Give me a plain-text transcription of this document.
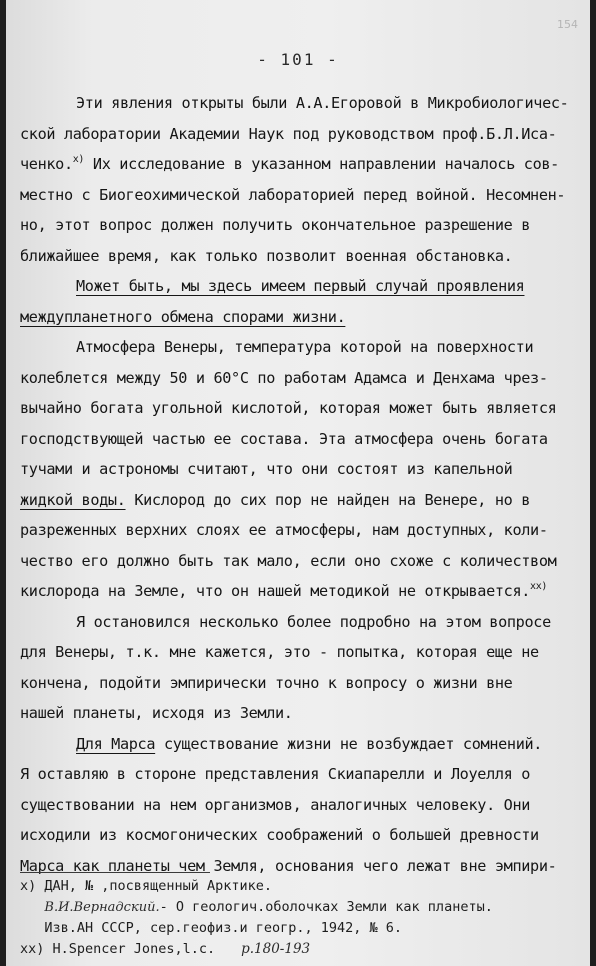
154
- 101 -
Эти явления открыты были А.А.Егоровой в Микробиологичес-
ской лаборатории Академии Наук под руководством проф.Б.Л.Иса-
ченко.$^{x)}$ Их исследование в указанном направлении началось сов-
местно с Биогеохимической лабораторией перед войной. Несомнен-
но, этот вопрос должен получить окончательное разрешение в
ближайшее время, как только позволит военная обстановка.
Может быть, мы здесь имеем первый случай проявления
междупланетного обмена спорами жизни.
Атмосфера Венеры, температура которой на поверхности
колеблется между 50 и 60°С по работам Адамса и Денхама чрез-
вычайно богата угольной кислотой, которая может быть является
господствующей частью ее состава. Эта атмосфера очень богата
тучами и астрономы считают, что они состоят из капельной
жидкой воды. Кислород до сих пор не найден на Венере, но в
разреженных верхних слоях ее атмосферы, нам доступных, коли-
чество его должно быть так мало, если оно схоже с количеством
кислорода на Земле, что он нашей методикой не открывается.$^{xx)}$
Я остановился несколько более подробно на этом вопросе
для Венеры, т.к. мне кажется, это - попытка, которая еще не
кончена, подойти эмпирически точно к вопросу о жизни вне
нашей планеты, исходя из Земли.
Для Марса существование жизни не возбуждает сомнений.
Я оставляю в стороне представления Скиапарелли и Лоуелля о
существовании на нем организмов, аналогичных человеку. Они
исходили из космогонических соображений о большей древности
Марса как планеты чем Земля, основания чего лежат вне эмпири-
х) ДАН, № ,посвященный Арктике.
В.И.Вернадский.- О геологич.оболочках Земли как планеты.
Изв.АН СССР, сер.геофиз.и геогр., 1942, № 6.
хх) H.Spencer Jones,l.c. р.180-193
